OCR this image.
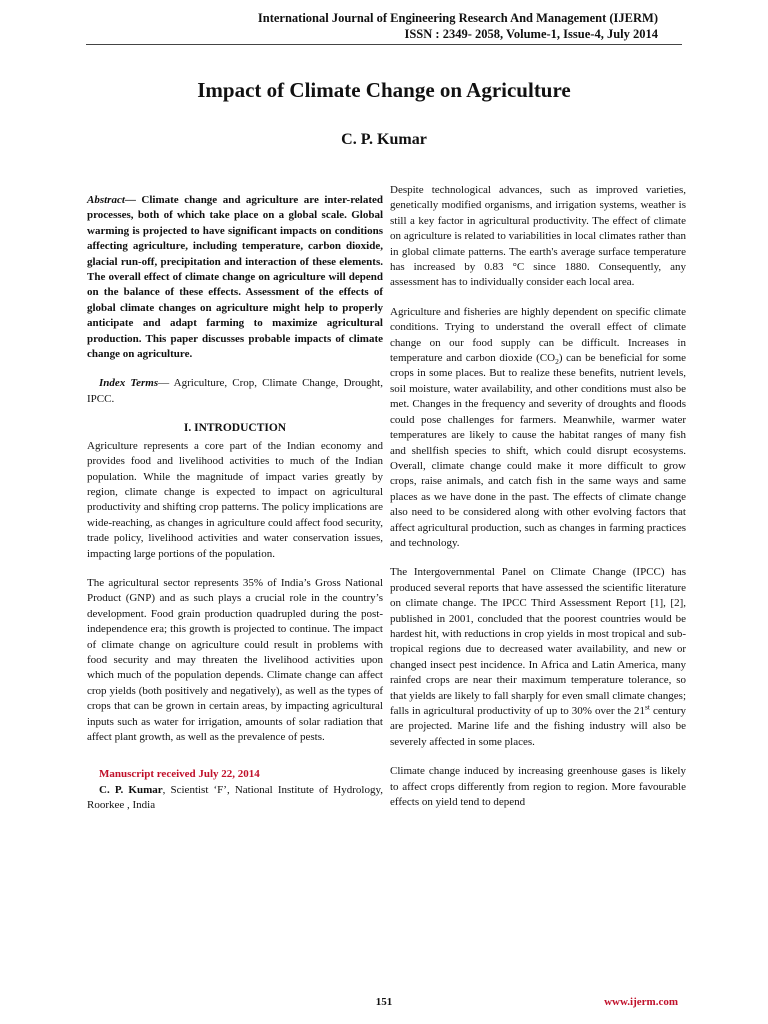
International Journal of Engineering Research And Management (IJERM)
ISSN : 2349- 2058, Volume-1, Issue-4, July 2014
Impact of Climate Change on Agriculture
C. P. Kumar

Abstract— Climate change and agriculture are inter-related processes, both of which take place on a global scale. Global warming is projected to have significant impacts on conditions affecting agriculture, including temperature, carbon dioxide, glacial run-off, precipitation and interaction of these elements. The overall effect of climate change on agriculture will depend on the balance of these effects. Assessment of the effects of global climate changes on agriculture might help to properly anticipate and adapt farming to maximize agricultural production. This paper discusses probable impacts of climate change on agriculture.

Index Terms— Agriculture, Crop, Climate Change, Drought, IPCC.

I. INTRODUCTION

Agriculture represents a core part of the Indian economy and provides food and livelihood activities to much of the Indian population. While the magnitude of impact varies greatly by region, climate change is expected to impact on agricultural productivity and shifting crop patterns. The policy implications are wide-reaching, as changes in agriculture could affect food security, trade policy, livelihood activities and water conservation issues, impacting large portions of the population.

The agricultural sector represents 35% of India’s Gross National Product (GNP) and as such plays a crucial role in the country’s development. Food grain production quadrupled during the post-independence era; this growth is projected to continue. The impact of climate change on agriculture could result in problems with food security and may threaten the livelihood activities upon which much of the population depends. Climate change can affect crop yields (both positively and negatively), as well as the types of crops that can be grown in certain areas, by impacting agricultural inputs such as water for irrigation, amounts of solar radiation that affect plant growth, as well as the prevalence of pests.

Manuscript received July 22, 2014
C. P. Kumar, Scientist ‘F’, National Institute of Hydrology, Roorkee , India

Despite technological advances, such as improved varieties, genetically modified organisms, and irrigation systems, weather is still a key factor in agricultural productivity. The effect of climate on agriculture is related to variabilities in local climates rather than in global climate patterns. The earth's average surface temperature has increased by 0.83 °C since 1880. Consequently, any assessment has to individually consider each local area.

Agriculture and fisheries are highly dependent on specific climate conditions. Trying to understand the overall effect of climate change on our food supply can be difficult. Increases in temperature and carbon dioxide $(CO_2)$ can be beneficial for some crops in some places. But to realize these benefits, nutrient levels, soil moisture, water availability, and other conditions must also be met. Changes in the frequency and severity of droughts and floods could pose challenges for farmers. Meanwhile, warmer water temperatures are likely to cause the habitat ranges of many fish and shellfish species to shift, which could disrupt ecosystems. Overall, climate change could make it more difficult to grow crops, raise animals, and catch fish in the same ways and same places as we have done in the past. The effects of climate change also need to be considered along with other evolving factors that affect agricultural production, such as changes in farming practices and technology.

The Intergovernmental Panel on Climate Change (IPCC) has produced several reports that have assessed the scientific literature on climate change. The IPCC Third Assessment Report [1], [2], published in 2001, concluded that the poorest countries would be hardest hit, with reductions in crop yields in most tropical and sub-tropical regions due to decreased water availability, and new or changed insect pest incidence. In Africa and Latin America, many rainfed crops are near their maximum temperature tolerance, so that yields are likely to fall sharply for even small climate changes; falls in agricultural productivity of up to 30% over the 21st century are projected. Marine life and the fishing industry will also be severely affected in some places.

Climate change induced by increasing greenhouse gases is likely to affect crops differently from region to region. More favourable effects on yield tend to depend

151	www.ijerm.com
